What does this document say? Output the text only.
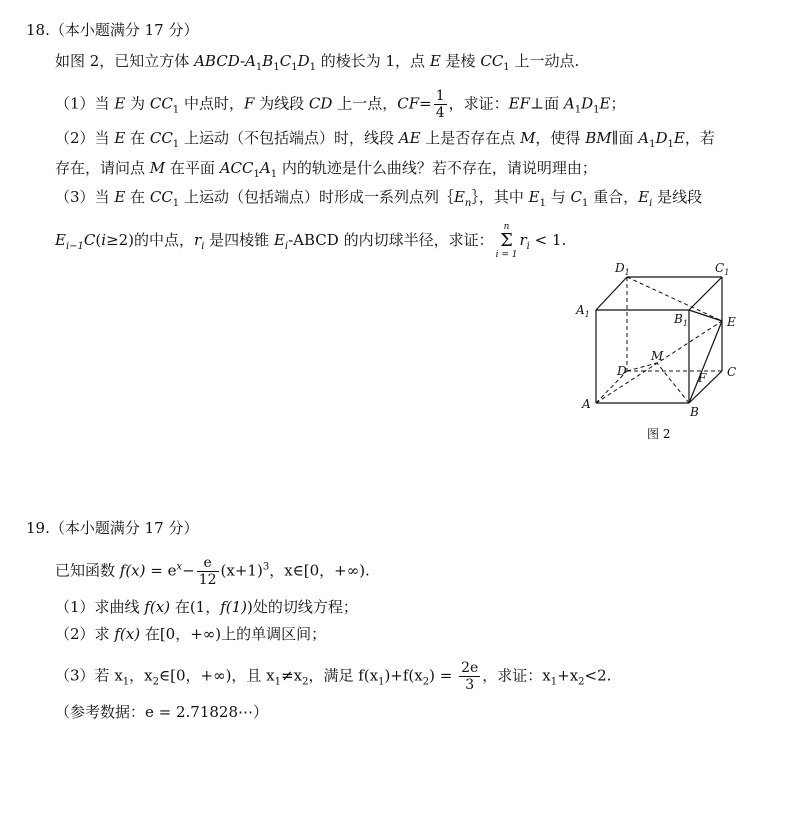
18.（本小题满分 17 分）
如图 2，已知立方体 ABCD-$A_1B_1C_1D_1$ 的棱长为 1，点 E 是棱 $CC_1$ 上一动点.
（1）当 E 为 $CC_1$ 中点时，F 为线段 CD 上一点，$CF= \frac{1}{4}$ ，求证：EF⊥面 $A_1D_1E$；
（2）当 E 在 $CC_1$ 上运动（不包括端点）时，线段 AE 上是否存在点 M，使得 BM∥面 $A_1D_1E$，若
存在，请问点 M 在平面 $ACC_1A_1$ 内的轨迹是什么曲线？若不存在，请说明理由；
（3）当 E 在 $CC_1$ 上运动（包括端点）时形成一系列点列$\{E_n\}$，其中 $E_1$ 与 $C_1$ 重合，$E_i$ 是线段
$E_{i-1}C(i\ge 2)$的中点，$r_i$ 是四棱锥 $E_i$-ABCD 的内切球半径，求证：
n
Σ
i = 1
$r_i < 1$.
$D_1$	$C_1$
$A_1$	$B_1$	E
M
D	F C
A
B
图 2
19.（本小题满分 17 分）
已知函数 $f(x) = e^x- \frac{e}{12} (x+1)^3$，x∈[0，+∞).
（1）求曲线 f(x) 在(1，f(1))处的切线方程；
（2）求 f(x) 在[0，+∞)上的单调区间；
（3）若 $x_1$，$x_2\in[0$，+∞)，且 $x_1\ne x_2$，满足 $f(x_1)+f(x_2) = \frac{2e}{3}$ ，求证：$x_1+x_2<2$.
（参考数据：e = 2.71828⋯）
